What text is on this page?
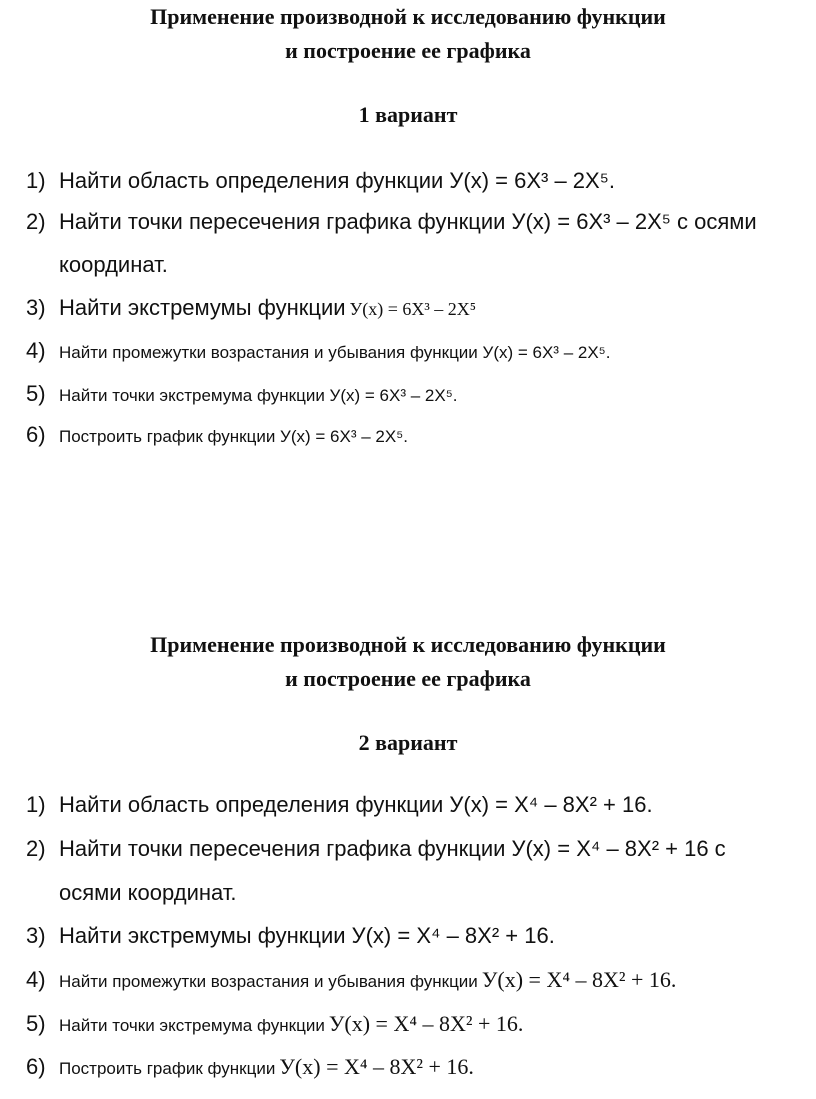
Применение производной к исследованию функции
и построение ее графика
1 вариант
1) Найти область определения функции У(х) = 6Х³ – 2Х⁵.
2) Найти точки пересечения графика функции У(х) = 6Х³ – 2Х⁵ с осями
координат.
3) Найти экстремумы функции У(х) = 6Х³ – 2Х⁵
4) Найти промежутки возрастания и убывания функции У(х) = 6Х³ – 2Х⁵.
5) Найти точки экстремума функции У(х) = 6Х³ – 2Х⁵.
6) Построить график функции У(х) = 6Х³ – 2Х⁵.
Применение производной к исследованию функции
и построение ее графика
2 вариант
1) Найти область определения функции У(х) = Х⁴ – 8Х² + 16.
2) Найти точки пересечения графика функции У(х) = Х⁴ – 8Х² + 16 с
осями координат.
3) Найти экстремумы функции У(х) = Х⁴ – 8Х² + 16.
4) Найти промежутки возрастания и убывания функции У(х) = Х⁴ – 8Х² + 16.
5) Найти точки экстремума функции У(х) = Х⁴ – 8Х² + 16.
6) Построить график функции У(х) = Х⁴ – 8Х² + 16.
